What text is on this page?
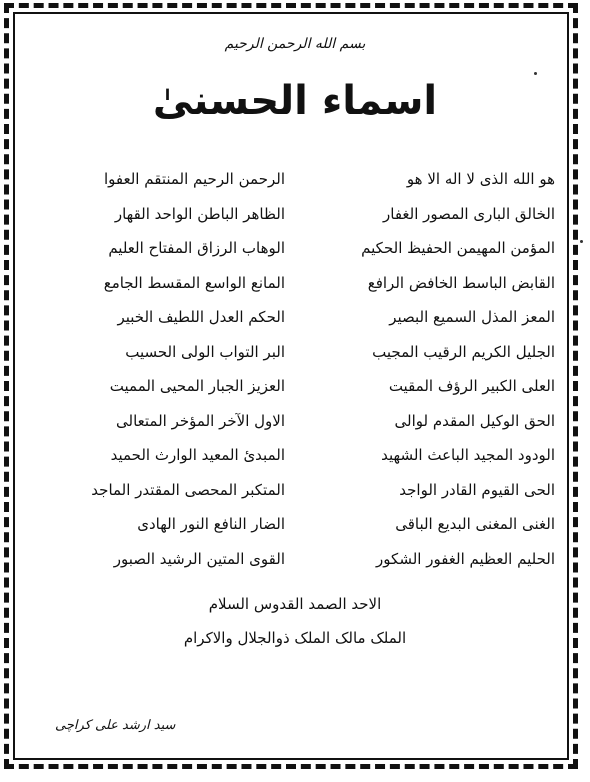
بسم الله الرحمن الرحيم
اسماء الحسنیٰ
الرحمن الرحیم المنتقم العفوا	هو الله الذی لا اله الا هو
الظاهر الباطن الواحد القهار	الخالق الباری المصور الغفار
الوهاب الرزاق المفتاح العلیم	المؤمن المهیمن الحفیظ الحکیم
المانع الواسع المقسط الجامع	القابض الباسط الخافض الرافع
الحکم العدل اللطیف الخبیر	المعز المذل السمیع البصیر
البر التواب الولی الحسیب	الجلیل الکریم الرقیب المجیب
العزیز الجبار المحیی الممیت	العلی الکبیر الرؤف المقیت
الاول الآخر المؤخر المتعالی	الحق الوکیل المقدم لوالی
المبدئ المعید الوارث الحمید	الودود المجید الباعث الشهید
المتکبر المحصی المقتدر الماجد	الحی القیوم القادر الواجد
الضار النافع النور الهادی	الغنی المغنی البدیع الباقی
القوی المتین الرشید الصبور	الحلیم العظیم الغفور الشکور
الاحد الصمد القدوس السلام
الملک مالک الملک ذوالجلال والاکرام
سید ارشد علی کراچی
